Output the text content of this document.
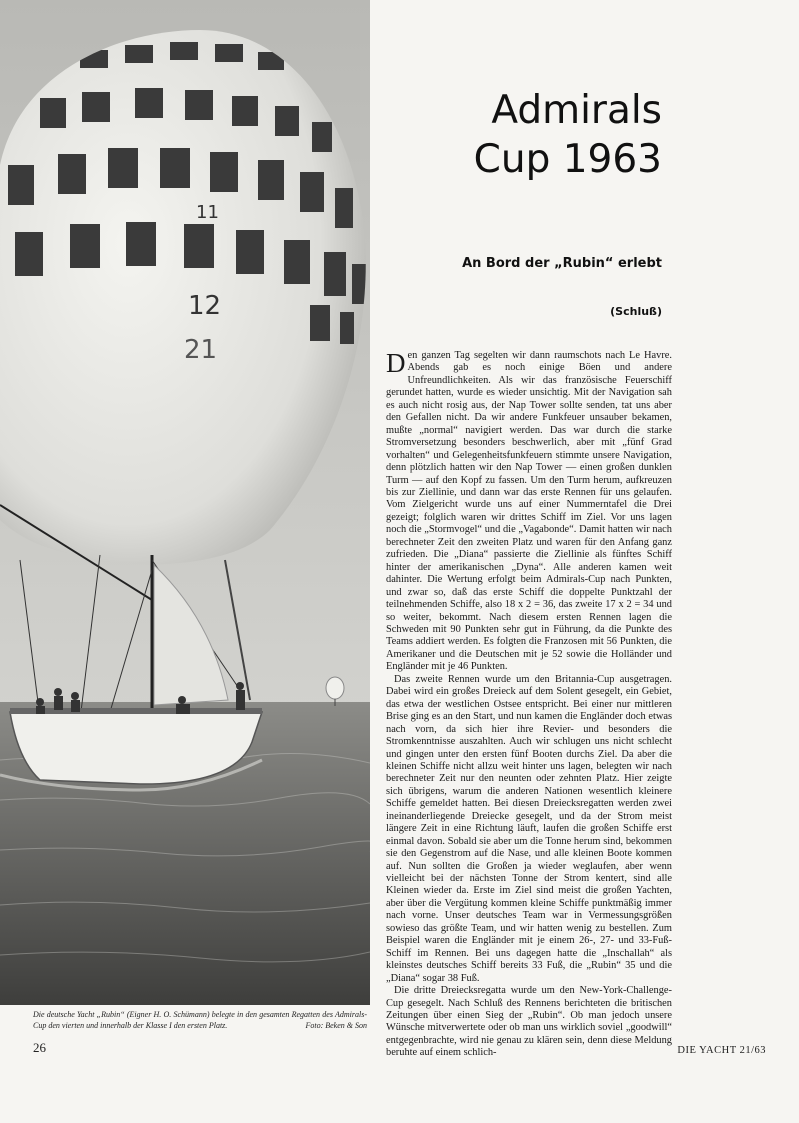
11
12
21
Die deutsche Yacht „Rubin“ (Eigner H. O. Schümann) belegte in den gesamten Regatten des Admirals-Cup den vierten und innerhalb der Klasse I den ersten Platz.	Foto: Beken & Son
26
Admirals
Cup 1963
An Bord der „Rubin“ erlebt
(Schluß)

Den ganzen Tag segelten wir dann raumschots nach Le Havre. Abends gab es noch einige Böen und andere Unfreundlichkeiten. Als wir das französische Feuerschiff gerundet hatten, wurde es wieder unsichtig. Mit der Navigation sah es auch nicht rosig aus, der Nap Tower sollte senden, tat uns aber den Gefallen nicht. Da wir andere Funkfeuer unsauber bekamen, mußte „normal“ navigiert werden. Das war durch die starke Stromversetzung besonders beschwerlich, aber mit „fünf Grad vorhalten“ und Gelegenheitsfunkfeuern stimmte unsere Navigation, denn plötzlich hatten wir den Nap Tower — einen großen dunklen Turm — auf den Kopf zu fassen. Um den Turm herum, aufkreuzen bis zur Ziellinie, und dann war das erste Rennen für uns gelaufen. Vom Zielgericht wurde uns auf einer Nummerntafel die Drei gezeigt; folglich waren wir drittes Schiff im Ziel. Vor uns lagen noch die „Stormvogel“ und die „Vagabonde“. Damit hatten wir nach berechneter Zeit den zweiten Platz und waren für den Anfang ganz zufrieden. Die „Diana“ passierte die Ziellinie als fünftes Schiff hinter der amerikanischen „Dyna“. Alle anderen kamen weit dahinter. Die Wertung erfolgt beim Admirals-Cup nach Punkten, und zwar so, daß das erste Schiff die doppelte Punktzahl der teilnehmenden Schiffe, also 18 x 2 = 36, das zweite 17 x 2 = 34 und so weiter, bekommt. Nach diesem ersten Rennen lagen die Schweden mit 90 Punkten sehr gut in Führung, da die Punkte des Teams addiert werden. Es folgten die Franzosen mit 56 Punkten, die Amerikaner und die Deutschen mit je 52 sowie die Holländer und Engländer mit je 46 Punkten.

Das zweite Rennen wurde um den Britannia-Cup ausgetragen. Dabei wird ein großes Dreieck auf dem Solent gesegelt, ein Gebiet, das etwa der westlichen Ostsee entspricht. Bei einer nur mittleren Brise ging es an den Start, und nun kamen die Engländer doch etwas nach vorn, da sich hier ihre Revier- und besonders die Stromkenntnisse auszahlten. Auch wir schlugen uns nicht schlecht und gingen unter den ersten fünf Booten durchs Ziel. Da aber die kleinen Schiffe nicht allzu weit hinter uns lagen, belegten wir nach berechneter Zeit nur den neunten oder zehnten Platz. Hier zeigte sich übrigens, warum die anderen Nationen wesentlich kleinere Schiffe gemeldet hatten. Bei diesen Dreiecksregatten werden zwei ineinanderliegende Dreiecke gesegelt, und da der Strom meist längere Zeit in eine Richtung läuft, laufen die großen Schiffe erst einmal davon. Sobald sie aber um die Tonne herum sind, bekommen sie den Gegenstrom auf die Nase, und alle kleinen Boote kommen auf. Nun sollten die Großen ja wieder weglaufen, aber wenn vielleicht bei der nächsten Tonne der Strom kentert, sind alle Kleinen wieder da. Erste im Ziel sind meist die großen Yachten, aber über die Vergütung kommen kleine Schiffe punktmäßig immer nach vorne. Unser deutsches Team war in Vermessungsgrößen sowieso das größte Team, und wir hatten wenig zu bestellen. Zum Beispiel waren die Engländer mit je einem 26-, 27- und 33-Fuß-Schiff im Rennen. Bei uns dagegen hatte die „Inschallah“ als kleinstes deutsches Schiff bereits 33 Fuß, die „Rubin“ 35 und die „Diana“ sogar 38 Fuß.

Die dritte Dreiecksregatta wurde um den New-York-Challenge-Cup gesegelt. Nach Schluß des Rennens berichteten die britischen Zeitungen über einen Sieg der „Rubin“. Ob man jedoch unsere Wünsche mitverwertete oder ob man uns wirklich soviel „goodwill“ entgegenbrachte, wird nie genau zu klären sein, denn diese Meldung beruhte auf einem schlich-	DIE YACHT 21/63
